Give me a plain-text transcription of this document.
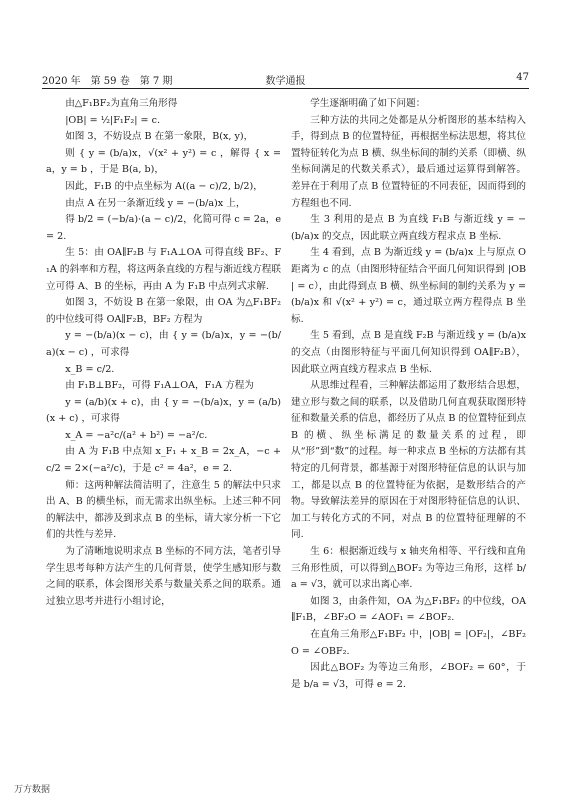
2020 年　第 59 卷　第 7 期	数学通报	47

由△F₁BF₂为直角三角形得

|OB| = ½|F₁F₂| = c.

如图 3，不妨设点 B 在第一象限，B(x, y)，

则 { y = (b/a)x，√(x² + y²) = c ，解得 { x = a，y = b ，于是 B(a, b)，

因此，F₁B 的中点坐标为 A((a − c)/2, b/2)，

由点 A 在另一条渐近线 y = −(b/a)x 上，

得 b/2 = (−b/a)·(a − c)/2，化简可得 c = 2a，e = 2.

生 5：由 OA∥F₂B 与 F₁A⊥OA 可得直线 BF₂、F₁A 的斜率和方程，将这两条直线的方程与渐近线方程联立可得 A、B 的坐标，再由 A 为 F₁B 中点列式求解.

如图 3，不妨设 B 在第一象限，由 OA 为△F₁BF₂ 的中位线可得 OA∥F₂B，BF₂ 方程为

y = −(b/a)(x − c)，由 { y = (b/a)x，y = −(b/a)(x − c) ，可求得

x_B = c/2.

由 F₁B⊥BF₂，可得 F₁A⊥OA，F₁A 方程为

y = (a/b)(x + c)，由 { y = −(b/a)x，y = (a/b)(x + c) ，可求得

x_A = −a²c/(a² + b²) = −a²/c.

由 A 为 F₁B 中点知 x_F₁ + x_B = 2x_A，−c + c/2 = 2×(−a²/c)，于是 c² = 4a²，e = 2.

师：这两种解法简洁明了，注意生 5 的解法中只求出 A、B 的横坐标，而无需求出纵坐标。上述三种不同的解法中，都涉及到求点 B 的坐标，请大家分析一下它们的共性与差异.

为了清晰地说明求点 B 坐标的不同方法，笔者引导学生思考每种方法产生的几何背景，使学生感知形与数之间的联系，体会图形关系与数量关系之间的联系。通过独立思考并进行小组讨论，

学生逐渐明确了如下问题：

三种方法的共同之处都是从分析图形的基本结构入手，得到点 B 的位置特征，再根据坐标法思想，将其位置特征转化为点 B 横、纵坐标间的制约关系（即横、纵坐标间满足的代数关系式），最后通过运算得到解答。差异在于利用了点 B 位置特征的不同表征，因而得到的方程组也不同.

生 3 利用的是点 B 为直线 F₁B 与渐近线 y = −(b/a)x 的交点，因此联立两直线方程求点 B 坐标.

生 4 看到，点 B 为渐近线 y = (b/a)x 上与原点 O 距离为 c 的点（由图形特征结合平面几何知识得到 |OB| = c），由此得到点 B 横、纵坐标间的制约关系为 y = (b/a)x 和 √(x² + y²) = c，通过联立两方程得点 B 坐标.

生 5 看到，点 B 是直线 F₂B 与渐近线 y = (b/a)x 的交点（由图形特征与平面几何知识得到 OA∥F₂B），因此联立两直线方程求点 B 坐标.

从思维过程看，三种解法都运用了数形结合思想，建立形与数之间的联系，以及借助几何直观获取图形特征和数量关系的信息，都经历了从点 B 的位置特征到点 B 的横、纵坐标满足的数量关系的过程，即从“形”到“数”的过程。每一种求点 B 坐标的方法都有其特定的几何背景，都基源于对图形特征信息的认识与加工，都是以点 B 的位置特征为依据，是数形结合的产物。导致解法差异的原因在于对图形特征信息的认识、加工与转化方式的不同，对点 B 的位置特征理解的不同.

生 6：根据渐近线与 x 轴夹角相等、平行线和直角三角形性质，可以得到△BOF₂ 为等边三角形，这样 b/a = √3，就可以求出离心率.

如图 3，由条件知，OA 为△F₁BF₂ 的中位线，OA∥F₁B，∠BF₂O = ∠AOF₁ = ∠BOF₂.

在直角三角形△F₁BF₂ 中，|OB| = |OF₂|，∠BF₂O = ∠OBF₂.

因此△BOF₂ 为等边三角形，∠BOF₂ = 60°，于是 b/a = √3，可得 e = 2.

万方数据
